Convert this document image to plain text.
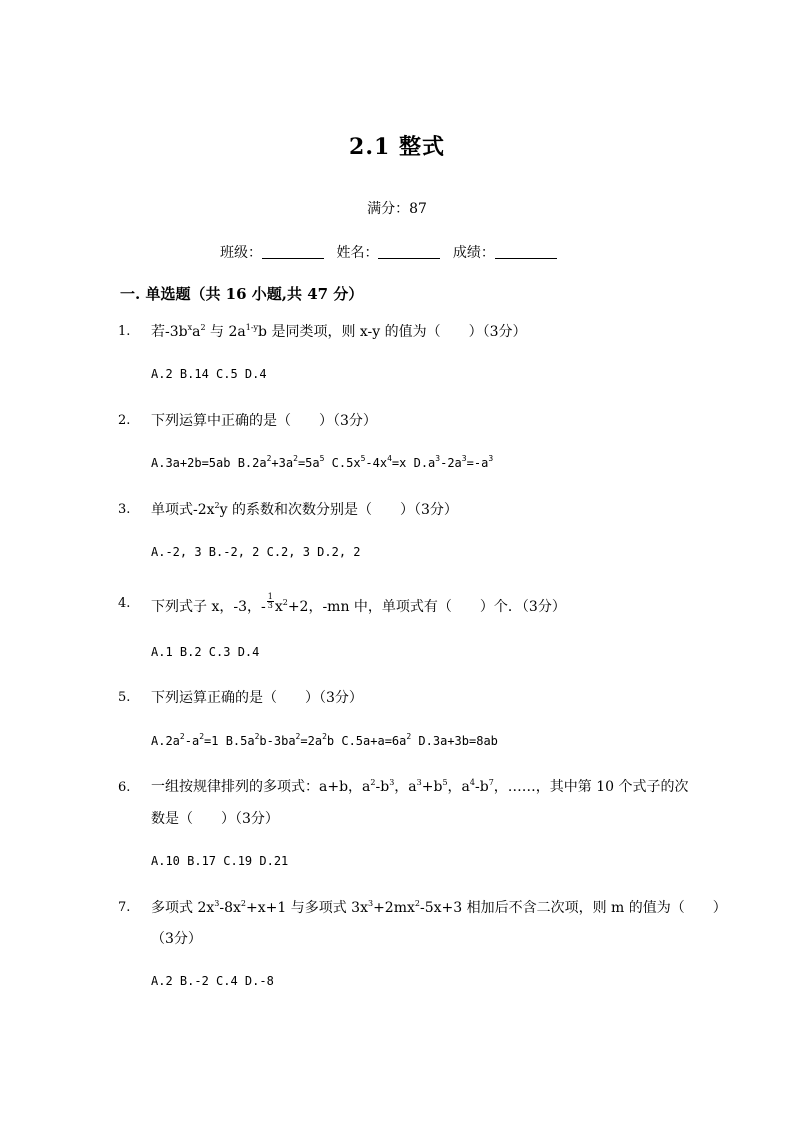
2.1 整式
满分：87
班级：	姓名：	成绩：
一. 单选题（共 16 小题,共 47 分）
1. 若$-3b^xa^2$ 与 $2a^{1-y}b$ 是同类项，则 x-y 的值为（　　）（3分）
A.2 B.14 C.5 D.4
2. 下列运算中正确的是（　　）（3分）
A.3a+2b=5ab $B.2a^2+3a^2=5a^5$ $C.5x^5-4x^4=x$ $D.a^3-2a^3=-a^3$
3. 单项式$-2x^2y$ 的系数和次数分别是（　　）（3分）
A.-2, 3 B.-2, 2 C.2, 3 D.2, 2
4. 下列式子 x，-3，- $\frac{1}{3} x^2+2$，-mn 中，单项式有（　　）个．（3分）
A.1 B.2 C.3 D.4
5. 下列运算正确的是（　　）（3分）
$A.2a^2-a^2=1$ $B.5a^2b-3ba^2=2a^2b$ $C.5a+a=6a^2$ D.3a+3b=8ab
6. 一组按规律排列的多项式：a+b，$a^2-b^3$，$a^3+b^5$，$a^4-b^7$，……，其中第 10 个式子的次
数是（　　）（3分）
A.10 B.17 C.19 D.21
7. 多项式 $2x^3-8x^2+x+1$ 与多项式 $3x^3+2mx^2-5x+3$ 相加后不含二次项，则 m 的值为（　　）
（3分）
A.2 B.-2 C.4 D.-8
